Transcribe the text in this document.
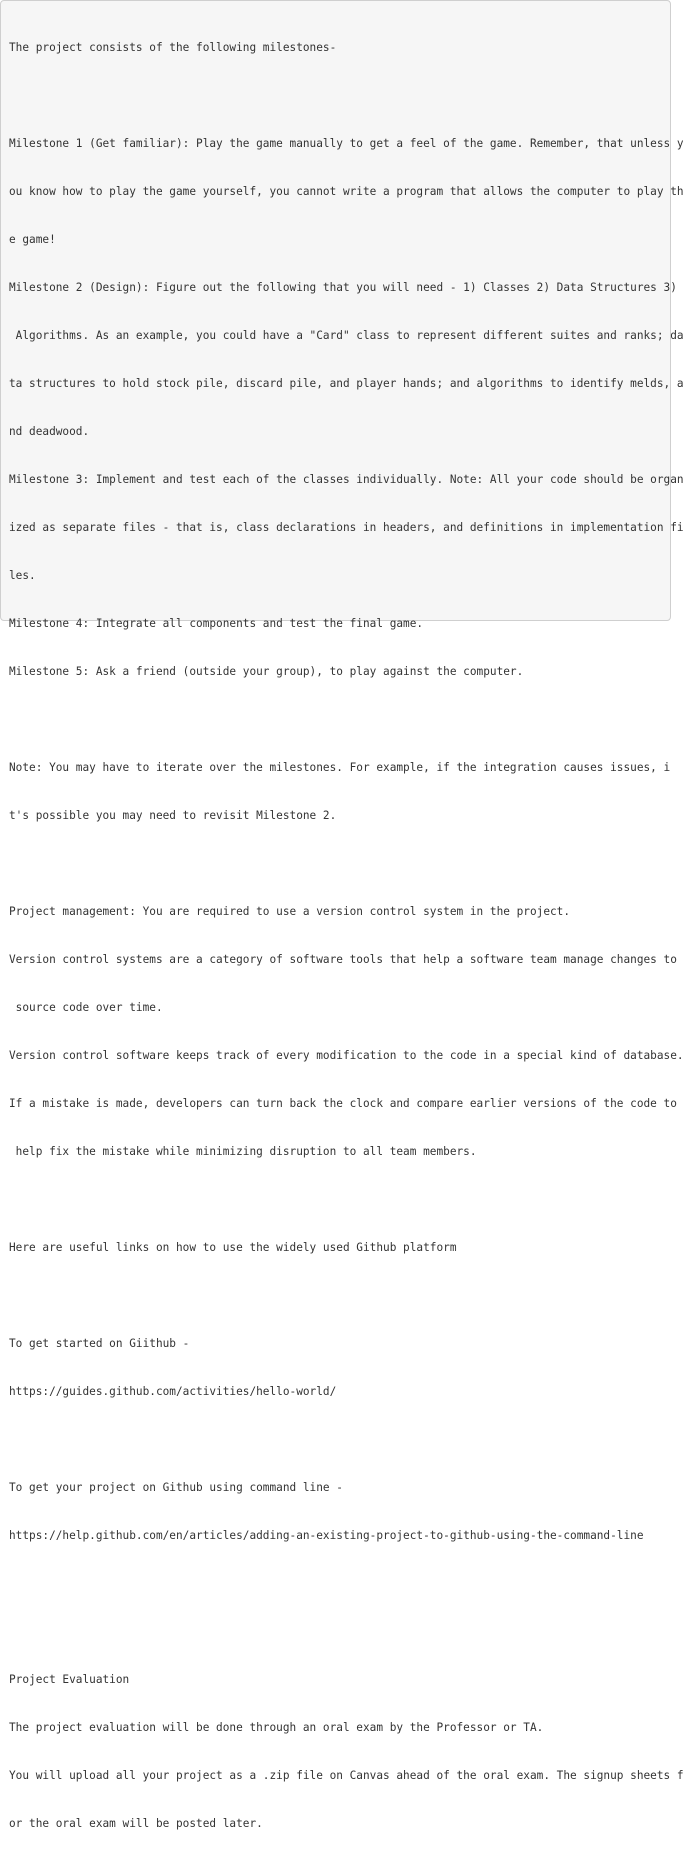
The project consists of the following milestones-

Milestone 1 (Get familiar): Play the game manually to get a feel of the game. Remember, that unless y

ou know how to play the game yourself, you cannot write a program that allows the computer to play th

e game!

Milestone 2 (Design): Figure out the following that you will need - 1) Classes 2) Data Structures 3)

Algorithms. As an example, you could have a "Card" class to represent different suites and ranks; da

ta structures to hold stock pile, discard pile, and player hands; and algorithms to identify melds, a

nd deadwood.

Milestone 3: Implement and test each of the classes individually. Note: All your code should be organ

ized as separate files - that is, class declarations in headers, and definitions in implementation fi

les.

Milestone 4: Integrate all components and test the final game.

Milestone 5: Ask a friend (outside your group), to play against the computer.

Note: You may have to iterate over the milestones. For example, if the integration causes issues, i

t's possible you may need to revisit Milestone 2.

Project management: You are required to use a version control system in the project.

Version control systems are a category of software tools that help a software team manage changes to

source code over time.

Version control software keeps track of every modification to the code in a special kind of database.

If a mistake is made, developers can turn back the clock and compare earlier versions of the code to

help fix the mistake while minimizing disruption to all team members.

Here are useful links on how to use the widely used Github platform

To get started on Giithub -

https://guides.github.com/activities/hello-world/

To get your project on Github using command line -

https://help.github.com/en/articles/adding-an-existing-project-to-github-using-the-command-line

Project Evaluation

The project evaluation will be done through an oral exam by the Professor or TA.

You will upload all your project as a .zip file on Canvas ahead of the oral exam. The signup sheets f

or the oral exam will be posted later.
